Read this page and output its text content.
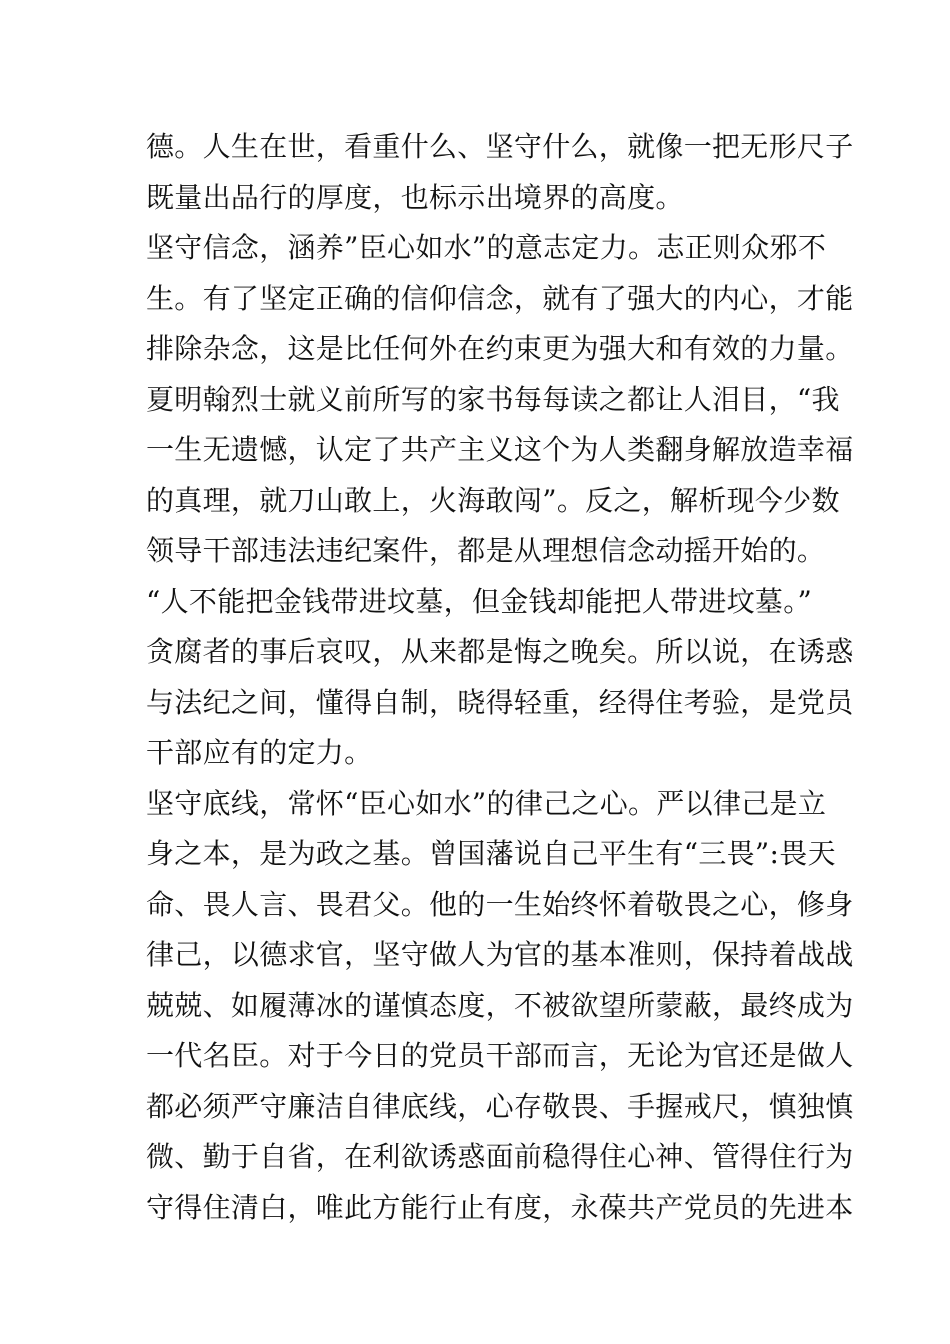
德。人生在世，看重什么、坚守什么，就像一把无形尺子
既量出品行的厚度，也标示出境界的高度。
坚守信念，涵养”臣心如水”的意志定力。志正则众邪不
生。有了坚定正确的信仰信念，就有了强大的内心，才能
排除杂念，这是比任何外在约束更为强大和有效的力量。
夏明翰烈士就义前所写的家书每每读之都让人泪目，“我
一生无遗憾，认定了共产主义这个为人类翻身解放造幸福
的真理，就刀山敢上，火海敢闯”。反之，解析现今少数
领导干部违法违纪案件，都是从理想信念动摇开始的。
“人不能把金钱带进坟墓，但金钱却能把人带进坟墓。”
贪腐者的事后哀叹，从来都是悔之晚矣。所以说，在诱惑
与法纪之间，懂得自制，晓得轻重，经得住考验，是党员
干部应有的定力。
坚守底线，常怀“臣心如水”的律己之心。严以律己是立
身之本，是为政之基。曾国藩说自己平生有“三畏”:畏天
命、畏人言、畏君父。他的一生始终怀着敬畏之心，修身
律己，以德求官，坚守做人为官的基本准则，保持着战战
兢兢、如履薄冰的谨慎态度，不被欲望所蒙蔽，最终成为
一代名臣。对于今日的党员干部而言，无论为官还是做人
都必须严守廉洁自律底线，心存敬畏、手握戒尺，慎独慎
微、勤于自省，在利欲诱惑面前稳得住心神、管得住行为
守得住清白，唯此方能行止有度，永葆共产党员的先进本
